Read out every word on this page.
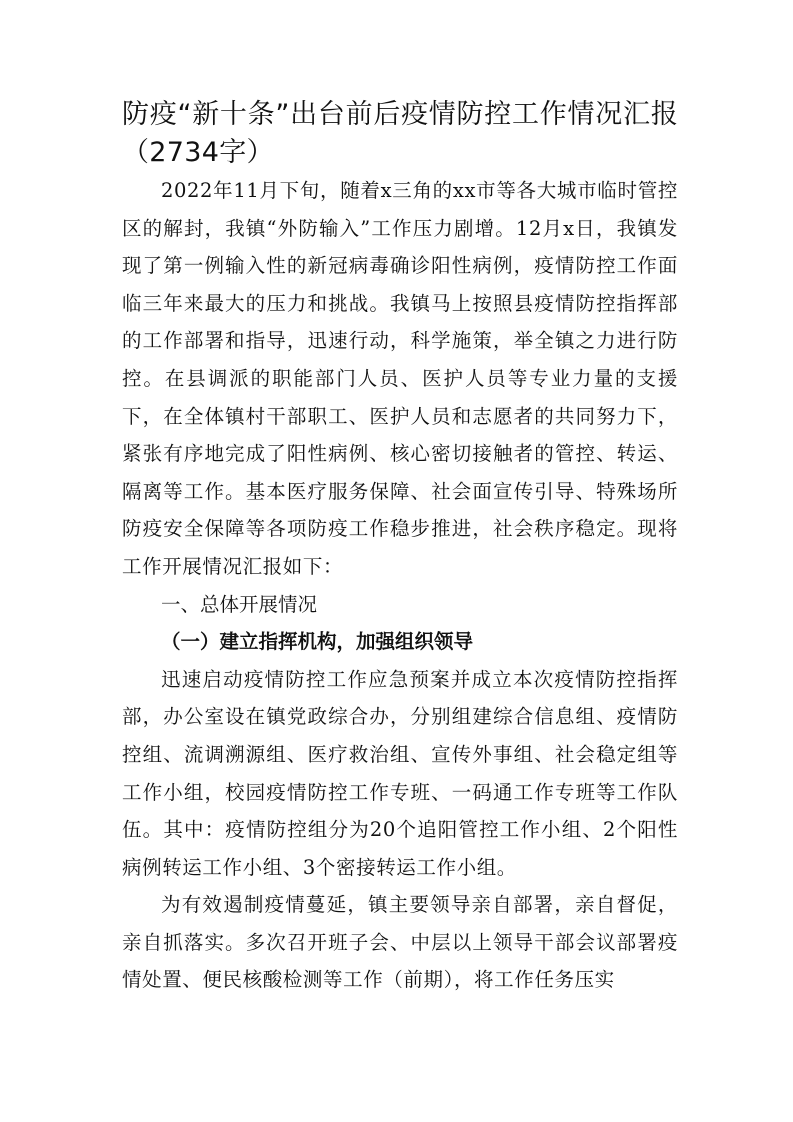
防疫“新十条”出台前后疫情防控工作情况汇报（2734字）

2022年11月下旬，随着x三角的xx市等各大城市临时管控区的解封，我镇“外防输入”工作压力剧增。12月x日，我镇发现了第一例输入性的新冠病毒确诊阳性病例，疫情防控工作面临三年来最大的压力和挑战。我镇马上按照县疫情防控指挥部的工作部署和指导，迅速行动，科学施策，举全镇之力进行防控。在县调派的职能部门人员、医护人员等专业力量的支援下，在全体镇村干部职工、医护人员和志愿者的共同努力下，紧张有序地完成了阳性病例、核心密切接触者的管控、转运、隔离等工作。基本医疗服务保障、社会面宣传引导、特殊场所防疫安全保障等各项防疫工作稳步推进，社会秩序稳定。现将工作开展情况汇报如下：

一、总体开展情况

（一）建立指挥机构，加强组织领导

迅速启动疫情防控工作应急预案并成立本次疫情防控指挥部，办公室设在镇党政综合办，分别组建综合信息组、疫情防控组、流调溯源组、医疗救治组、宣传外事组、社会稳定组等工作小组，校园疫情防控工作专班、一码通工作专班等工作队伍。其中：疫情防控组分为20个追阳管控工作小组、2个阳性病例转运工作小组、3个密接转运工作小组。

为有效遏制疫情蔓延，镇主要领导亲自部署，亲自督促，亲自抓落实。多次召开班子会、中层以上领导干部会议部署疫情处置、便民核酸检测等工作（前期），将工作任务压实
